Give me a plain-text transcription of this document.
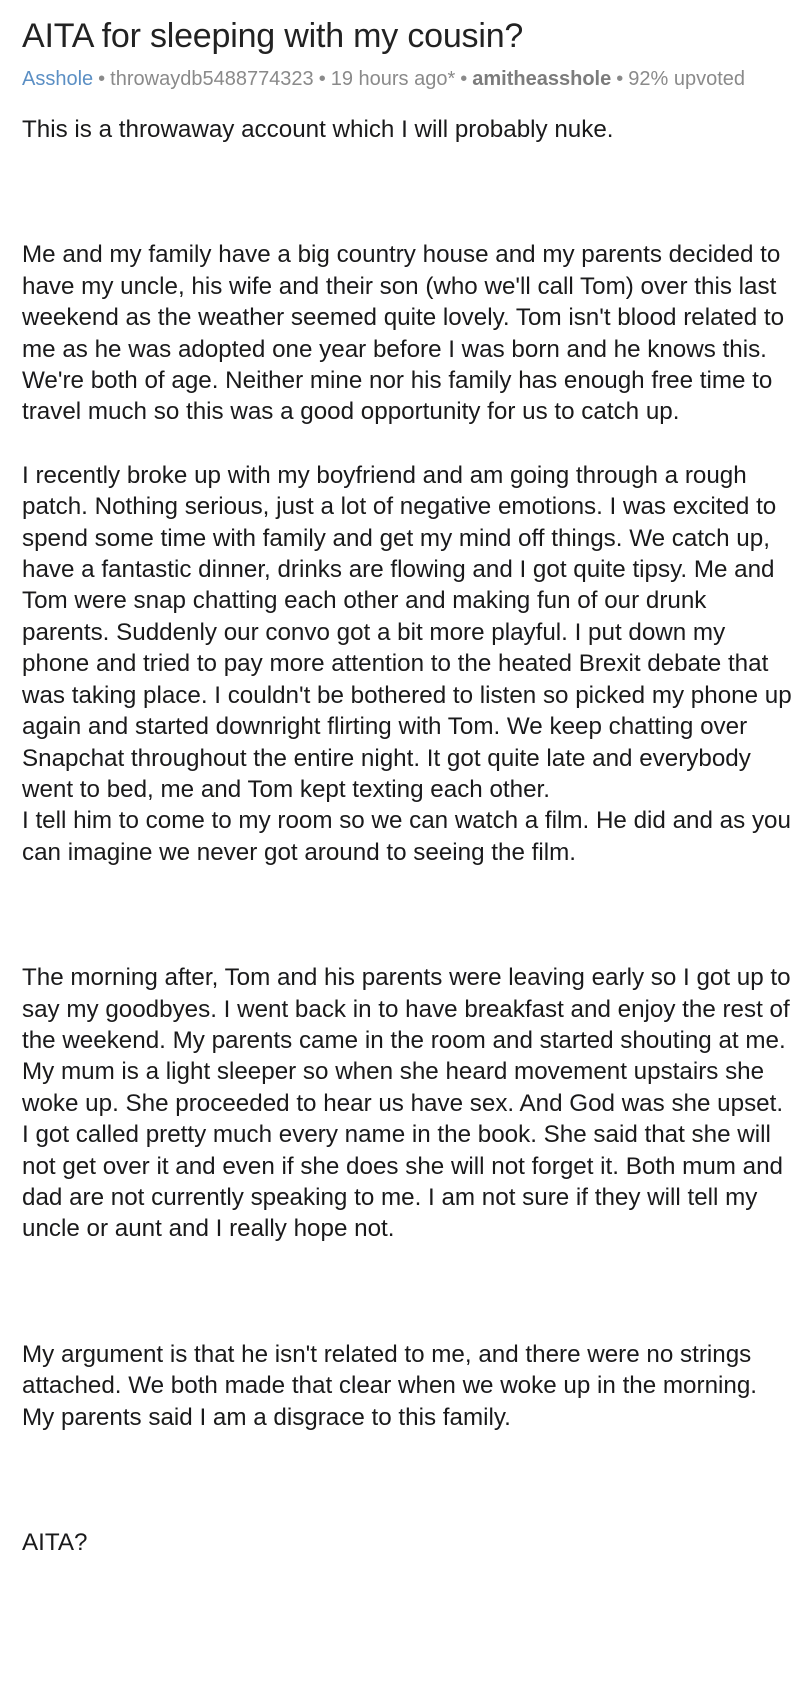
AITA for sleeping with my cousin?
Asshole • throwaydb5488774323 • 19 hours ago* • amitheasshole • 92% upvoted

This is a throwaway account which I will probably nuke.

Me and my family have a big country house and my parents decided to have my uncle, his wife and their son (who we'll call Tom) over this last weekend as the weather seemed quite lovely. Tom isn't blood related to me as he was adopted one year before I was born and he knows this. We're both of age. Neither mine nor his family has enough free time to travel much so this was a good opportunity for us to catch up.

I recently broke up with my boyfriend and am going through a rough patch. Nothing serious, just a lot of negative emotions. I was excited to spend some time with family and get my mind off things. We catch up, have a fantastic dinner, drinks are flowing and I got quite tipsy. Me and Tom were snap chatting each other and making fun of our drunk parents. Suddenly our convo got a bit more playful. I put down my phone and tried to pay more attention to the heated Brexit debate that was taking place. I couldn't be bothered to listen so picked my phone up again and started downright flirting with Tom. We keep chatting over Snapchat throughout the entire night. It got quite late and everybody went to bed, me and Tom kept texting each other.

I tell him to come to my room so we can watch a film. He did and as you can imagine we never got around to seeing the film.

The morning after, Tom and his parents were leaving early so I got up to say my goodbyes. I went back in to have breakfast and enjoy the rest of the weekend. My parents came in the room and started shouting at me. My mum is a light sleeper so when she heard movement upstairs she woke up. She proceeded to hear us have sex. And God was she upset. I got called pretty much every name in the book. She said that she will not get over it and even if she does she will not forget it. Both mum and dad are not currently speaking to me. I am not sure if they will tell my uncle or aunt and I really hope not.

My argument is that he isn't related to me, and there were no strings attached. We both made that clear when we woke up in the morning. My parents said I am a disgrace to this family.

AITA?
